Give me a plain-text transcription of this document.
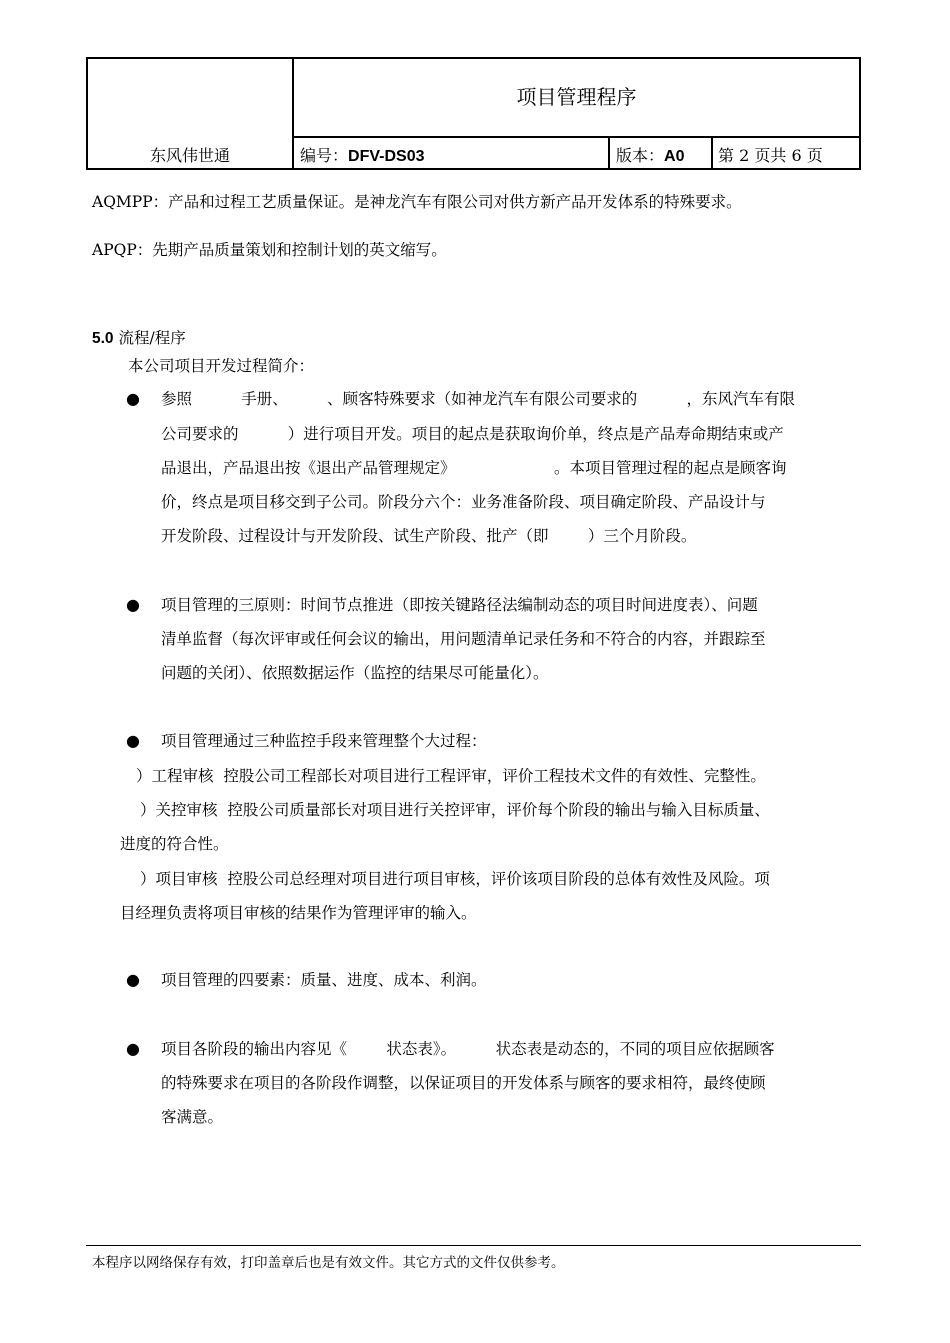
东风伟世通
项目管理程序
编号：DFV-DS03	版本：A0 第 2 页共 6 页
AQMPP：产品和过程工艺质量保证。是神龙汽车有限公司对供方新产品开发体系的特殊要求。
APQP：先期产品质量策划和控制计划的英文缩写。
5.0 流程/程序
本公司项目开发过程简介：
● 参照          手册、        、顾客特殊要求（如神龙汽车有限公司要求的          ，东风汽车有限
公司要求的          ）进行项目开发。项目的起点是获取询价单，终点是产品寿命期结束或产
品退出，产品退出按《退出产品管理规定》                    。本项目管理过程的起点是顾客询
价，终点是项目移交到子公司。阶段分六个：业务准备阶段、项目确定阶段、产品设计与
开发阶段、过程设计与开发阶段、试生产阶段、批产（即        ）三个月阶段。
● 项目管理的三原则：时间节点推进（即按关键路径法编制动态的项目时间进度表）、问题
清单监督（每次评审或任何会议的输出，用问题清单记录任务和不符合的内容，并跟踪至
问题的关闭）、依照数据运作（监控的结果尽可能量化）。
● 项目管理通过三种监控手段来管理整个大过程：
）工程审核  控股公司工程部长对项目进行工程评审，评价工程技术文件的有效性、完整性。
）关控审核  控股公司质量部长对项目进行关控评审，评价每个阶段的输出与输入目标质量、
进度的符合性。
）项目审核  控股公司总经理对项目进行项目审核，评价该项目阶段的总体有效性及风险。项
目经理负责将项目审核的结果作为管理评审的输入。
● 项目管理的四要素：质量、进度、成本、利润。
● 项目各阶段的输出内容见《        状态表》。        状态表是动态的，不同的项目应依据顾客
的特殊要求在项目的各阶段作调整，以保证项目的开发体系与顾客的要求相符，最终使顾
客满意。
本程序以网络保存有效，打印盖章后也是有效文件。其它方式的文件仅供参考。
